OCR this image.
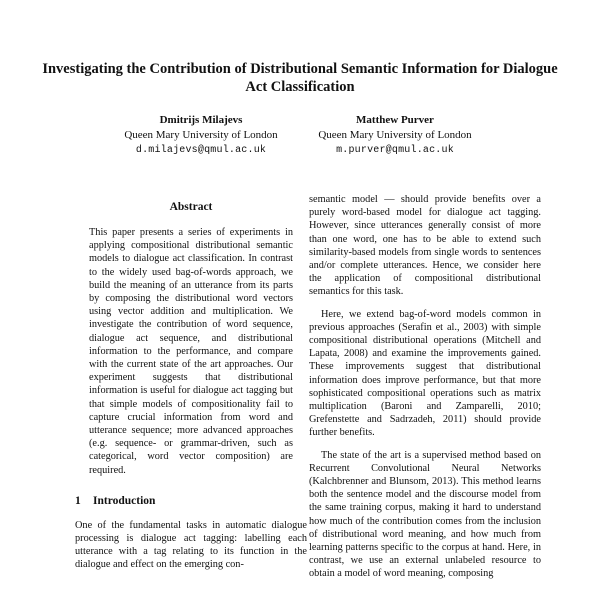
Investigating the Contribution of Distributional Semantic Information for Dialogue Act Classification
Dmitrijs Milajevs
Queen Mary University of London
d.milajevs@qmul.ac.uk
Matthew Purver
Queen Mary University of London
m.purver@qmul.ac.uk
Abstract

This paper presents a series of experiments in applying compositional distributional semantic models to dialogue act classification. In contrast to the widely used bag-of-words approach, we build the meaning of an utterance from its parts by composing the distributional word vectors using vector addition and multiplication. We investigate the contribution of word sequence, dialogue act sequence, and distributional information to the performance, and compare with the current state of the art approaches. Our experiment suggests that distributional information is useful for dialogue act tagging but that simple models of compositionality fail to capture crucial information from word and utterance sequence; more advanced approaches (e.g. sequence- or grammar-driven, such as categorical, word vector composition) are required.

1 Introduction

One of the fundamental tasks in automatic dialogue processing is dialogue act tagging: labelling each utterance with a tag relating to its function in the dialogue and effect on the emerging con-

semantic model — should provide benefits over a purely word-based model for dialogue act tagging. However, since utterances generally consist of more than one word, one has to be able to extend such similarity-based models from single words to sentences and/or complete utterances. Hence, we consider here the application of compositional distributional semantics for this task.

Here, we extend bag-of-word models common in previous approaches (Serafin et al., 2003) with simple compositional distributional operations (Mitchell and Lapata, 2008) and examine the improvements gained. These improvements suggest that distributional information does improve performance, but that more sophisticated compositional operations such as matrix multiplication (Baroni and Zamparelli, 2010; Grefenstette and Sadrzadeh, 2011) should provide further benefits.

The state of the art is a supervised method based on Recurrent Convolutional Neural Networks (Kalchbrenner and Blunsom, 2013). This method learns both the sentence model and the discourse model from the same training corpus, making it hard to understand how much of the contribution comes from the inclusion of distributional word meaning, and how much from learning patterns specific to the corpus at hand. Here, in contrast, we use an external unlabeled resource to obtain a model of word meaning, composing
